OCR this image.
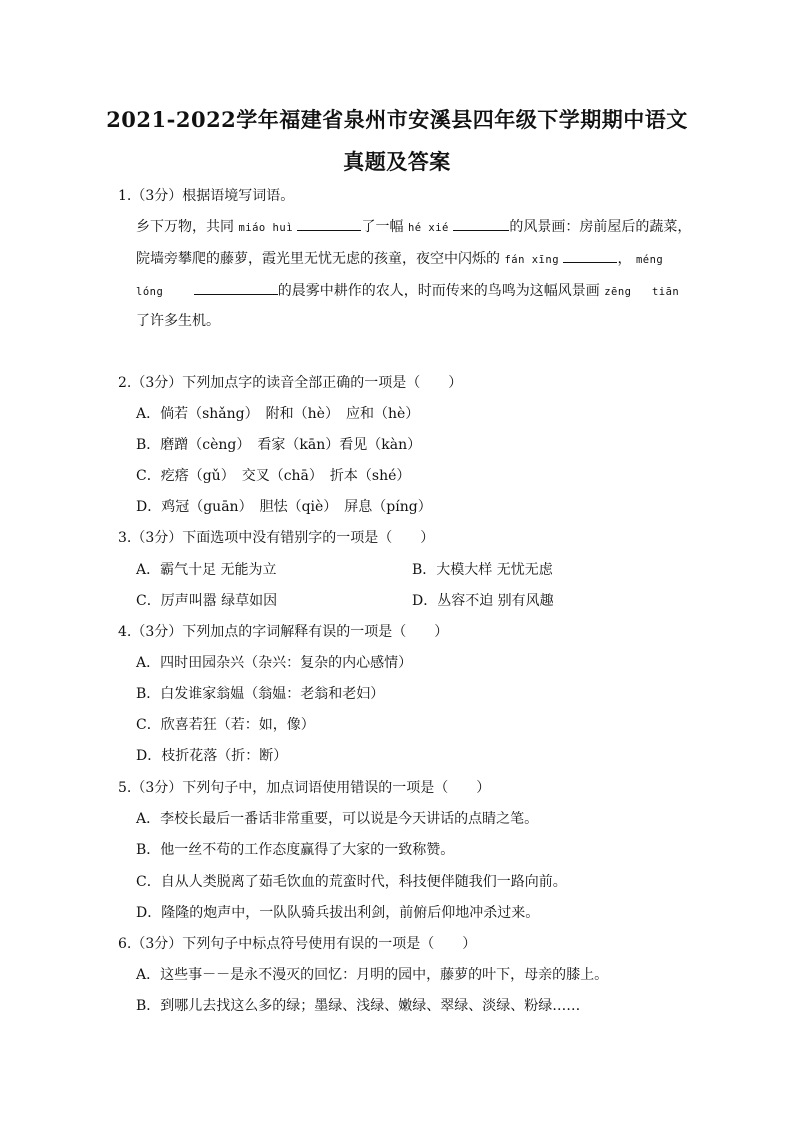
2021-2022学年福建省泉州市安溪县四年级下学期期中语文
真题及答案
1.（3分）根据语境写词语。
乡下万物，共同 miáo huì	了一幅 hé xié	的风景画：房前屋后的蔬菜，
院墙旁攀爬的藤萝，霞光里无忧无虑的孩童，夜空中闪烁的 fán xīng	， méng
lóng	的晨雾中耕作的农人，时而传来的鸟鸣为这幅风景画 zēng tiān
了许多生机。
2.（3分）下列加点字的读音全部正确的一项是（　　）
A．倘若（shǎng）　附和（hè）　应和（hè）
B．磨蹭（cèng）　看家（kān）看见（kàn）
C．疙瘩（gǔ）　交叉（chā）　折本（shé）
D．鸡冠（guān）　胆怯（qiè）　屏息（píng）
3.（3分）下面选项中没有错别字的一项是（　　）
A．霸气十足 无能为立	B．大模大样 无忧无虑
C．厉声叫嚣 绿草如因	D．丛容不迫 别有风趣
4.（3分）下列加点的字词解释有误的一项是（　　）
A．四时田园杂兴（杂兴：复杂的内心感情）
B．白发谁家翁媪（翁媪：老翁和老妇）
C．欣喜若狂（若：如，像）
D．枝折花落（折：断）
5.（3分）下列句子中，加点词语使用错误的一项是（　　）
A．李校长最后一番话非常重要，可以说是今天讲话的点睛之笔。
B．他一丝不苟的工作态度赢得了大家的一致称赞。
C．自从人类脱离了茹毛饮血的荒蛮时代，科技便伴随我们一路向前。
D．隆隆的炮声中，一队队骑兵拔出利剑，前俯后仰地冲杀过来。
6.（3分）下列句子中标点符号使用有误的一项是（　　）
A．这些事－－是永不漫灭的回忆：月明的园中，藤萝的叶下，母亲的膝上。
B．到哪儿去找这么多的绿；墨绿、浅绿、嫩绿、翠绿、淡绿、粉绿……
